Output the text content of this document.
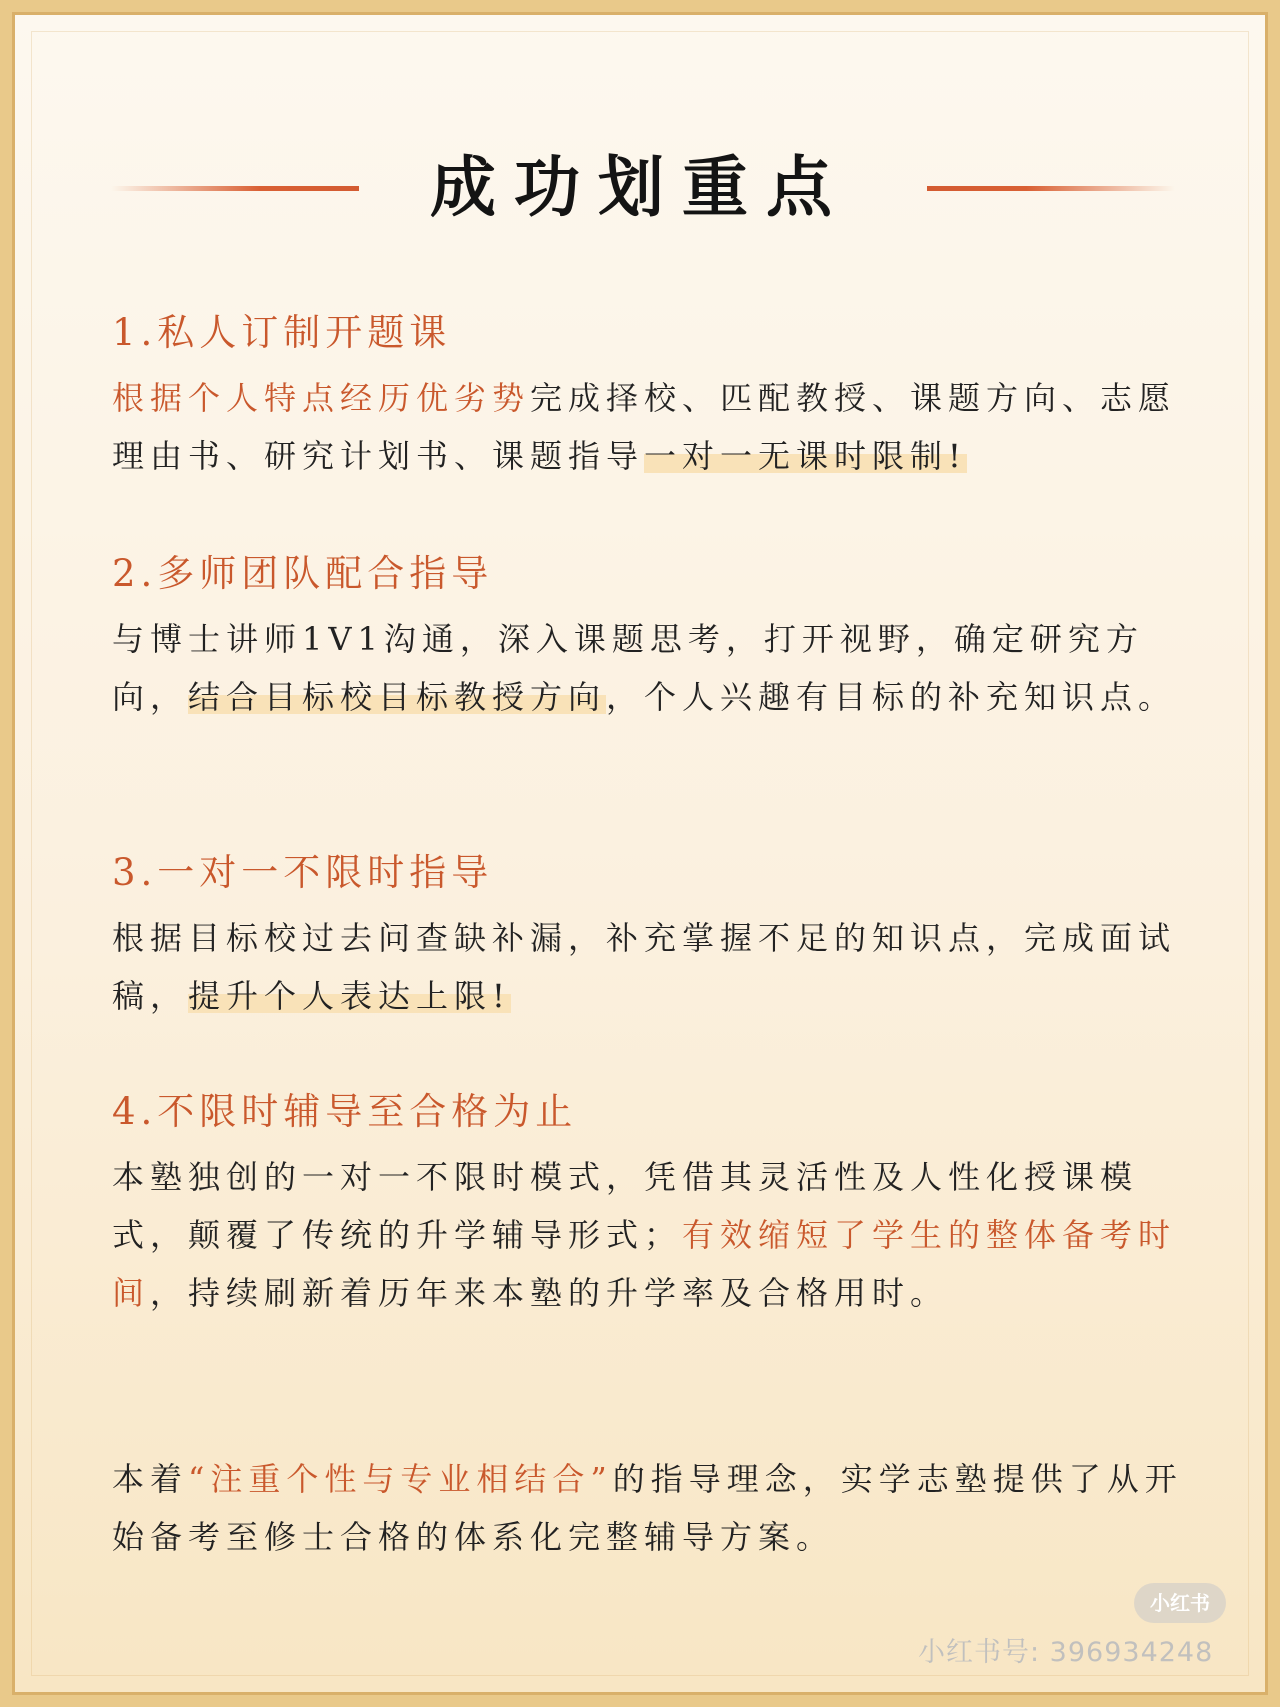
成功划重点

1.私人订制开题课

根据个人特点经历优劣势完成择校、匹配教授、课题方向、志愿理由书、研究计划书、课题指导一对一无课时限制!

2.多师团队配合指导

与博士讲师1V1沟通，深入课题思考，打开视野，确定研究方向，结合目标校目标教授方向，个人兴趣有目标的补充知识点。

3.一对一不限时指导

根据目标校过去问查缺补漏，补充掌握不足的知识点，完成面试稿，提升个人表达上限!

4.不限时辅导至合格为止

本塾独创的一对一不限时模式，凭借其灵活性及人性化授课模式，颠覆了传统的升学辅导形式；有效缩短了学生的整体备考时间，持续刷新着历年来本塾的升学率及合格用时。

本着“注重个性与专业相结合”的指导理念，实学志塾提供了从开始备考至修士合格的体系化完整辅导方案。

小红书
小红书号: 396934248
